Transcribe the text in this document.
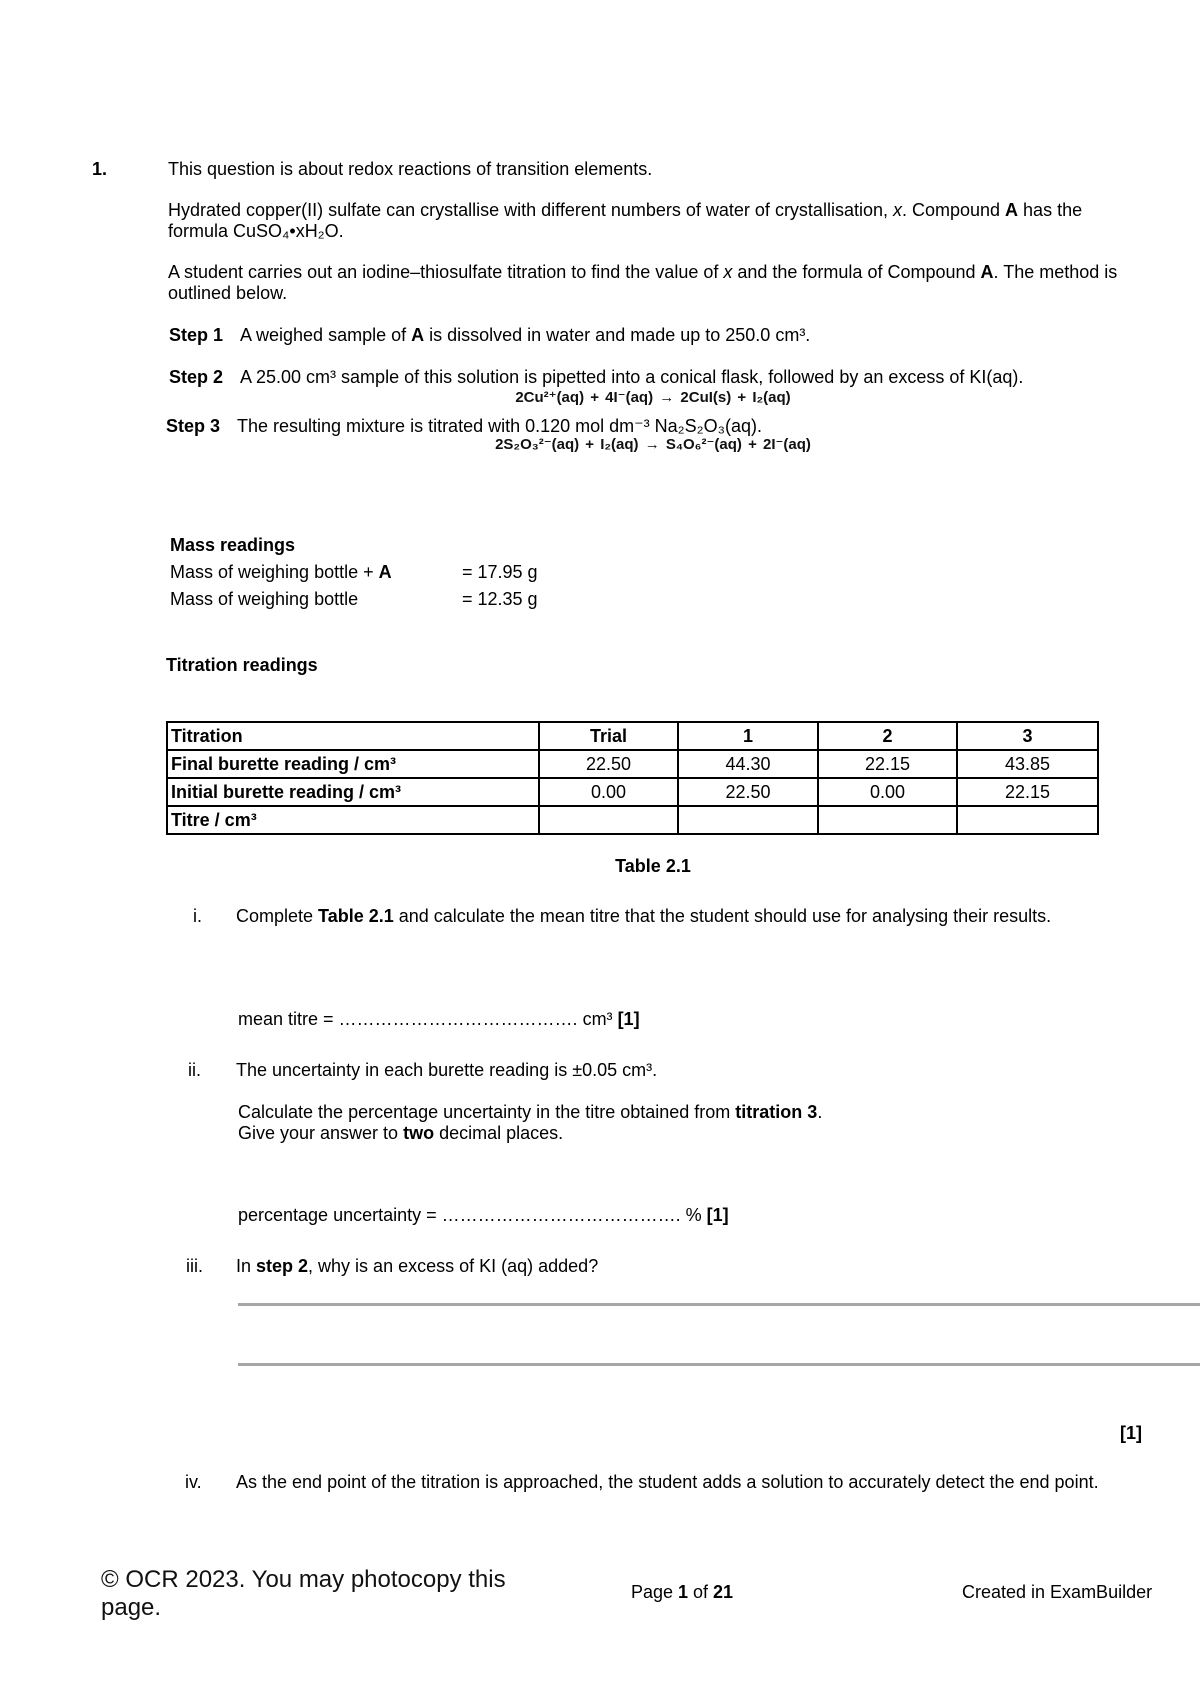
1.	This question is about redox reactions of transition elements.
Hydrated copper(II) sulfate can crystallise with different numbers of water of crystallisation, x. Compound A has the
formula CuSO₄•xH₂O.
A student carries out an iodine–thiosulfate titration to find the value of x and the formula of Compound A. The method is
outlined below.
Step 1 A weighed sample of A is dissolved in water and made up to 250.0 cm³.
Step 2 A 25.00 cm³ sample of this solution is pipetted into a conical flask, followed by an excess of KI(aq).
2Cu²⁺(aq) + 4I⁻(aq) → 2CuI(s) + I₂(aq)
Step 3 The resulting mixture is titrated with 0.120 mol dm⁻³ Na₂S₂O₃(aq).
2S₂O₃²⁻(aq) + I₂(aq) → S₄O₆²⁻(aq) + 2I⁻(aq)
Mass readings
Mass of weighing bottle + A	= 17.95 g
Mass of weighing bottle	= 12.35 g
Titration readings
Titration	Trial	1	2	3
Final burette reading / cm³	22.50	44.30	22.15	43.85
Initial burette reading / cm³	0.00	22.50	0.00	22.15
Titre / cm³				
Table 2.1
i. Complete Table 2.1 and calculate the mean titre that the student should use for analysing their results.
mean titre = …………………………………. cm³ [1]
ii. The uncertainty in each burette reading is ±0.05 cm³.
Calculate the percentage uncertainty in the titre obtained from titration 3.
Give your answer to two decimal places.
percentage uncertainty = …………………………………. % [1]
iii. In step 2, why is an excess of KI (aq) added?
[1]
iv. As the end point of the titration is approached, the student adds a solution to accurately detect the end point.
© OCR 2023. You may photocopy this page.
Page 1 of 21	Created in ExamBuilder
